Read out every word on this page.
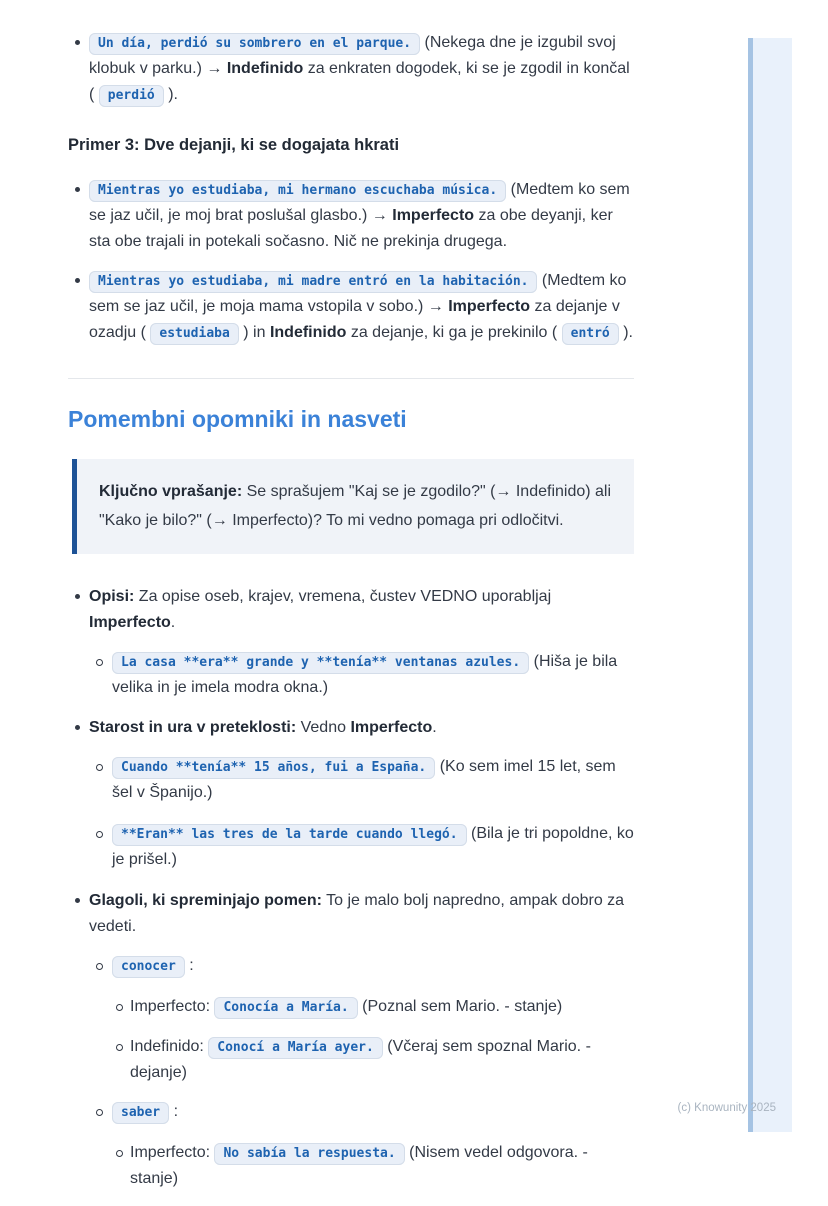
Un día, perdió su sombrero en el parque. (Nekega dne je izgubil svoj klobuk v parku.) → Indefinido za enkraten dogodek, ki se je zgodil in končal ( perdió ).
Primer 3: Dve dejanji, ki se dogajata hkrati
Mientras yo estudiaba, mi hermano escuchaba música. (Medtem ko sem se jaz učil, je moj brat poslušal glasbo.) → Imperfecto za obe deyanji, ker sta obe trajali in potekali sočasno. Nič ne prekinja drugega.
Mientras yo estudiaba, mi madre entró en la habitación. (Medtem ko sem se jaz učil, je moja mama vstopila v sobo.) → Imperfecto za dejanje v ozadju ( estudiaba ) in Indefinido za dejanje, ki ga je prekinilo ( entró ).
Pomembni opomniki in nasveti
Ključno vprašanje: Se sprašujem "Kaj se je zgodilo?" (→ Indefinido) ali "Kako je bilo?" (→ Imperfecto)? To mi vedno pomaga pri odločitvi.
Opisi: Za opise oseb, krajev, vremena, čustev VEDNO uporabljaj Imperfecto.
La casa **era** grande y **tenía** ventanas azules. (Hiša je bila velika in je imela modra okna.)
Starost in ura v preteklosti: Vedno Imperfecto.
Cuando **tenía** 15 años, fui a España. (Ko sem imel 15 let, sem šel v Španijo.)
**Eran** las tres de la tarde cuando llegó. (Bila je tri popoldne, ko je prišel.)
Glagoli, ki spreminjajo pomen: To je malo bolj napredno, ampak dobro za vedeti.
conocer :
Imperfecto: Conocía a María. (Poznal sem Mario. - stanje)
Indefinido: Conocí a María ayer. (Včeraj sem spoznal Mario. - dejanje)
saber :
Imperfecto: No sabía la respuesta. (Nisem vedel odgovora. - stanje)
(c) Knowunity 2025
